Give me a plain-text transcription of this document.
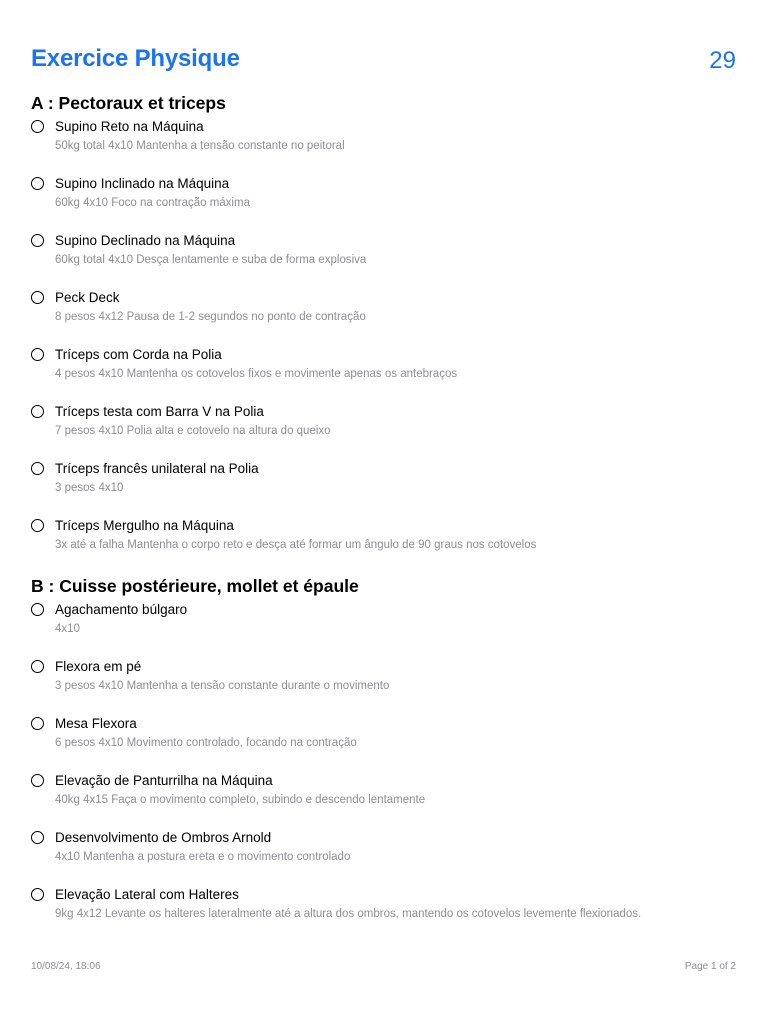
Exercice Physique	29
A : Pectoraux et triceps
Supino Reto na Máquina
50kg total 4x10 Mantenha a tensão constante no peitoral
Supino Inclinado na Máquina
60kg 4x10 Foco na contração máxima
Supino Declinado na Máquina
60kg total 4x10 Desça lentamente e suba de forma explosiva
Peck Deck
8 pesos 4x12 Pausa de 1-2 segundos no ponto de contração
Tríceps com Corda na Polia
4 pesos 4x10 Mantenha os cotovelos fixos e movimente apenas os antebraços
Tríceps testa com Barra V na Polia
7 pesos 4x10 Polia alta e cotovelo na altura do queixo
Tríceps francês unilateral na Polia
3 pesos 4x10
Tríceps Mergulho na Máquina
3x até a falha Mantenha o corpo reto e desça até formar um ângulo de 90 graus nos cotovelos
B : Cuisse postérieure, mollet et épaule
Agachamento búlgaro
4x10
Flexora em pé
3 pesos 4x10 Mantenha a tensão constante durante o movimento
Mesa Flexora
6 pesos 4x10 Movimento controlado, focando na contração
Elevação de Panturrilha na Máquina
40kg 4x15 Faça o movimento completo, subindo e descendo lentamente
Desenvolvimento de Ombros Arnold
4x10 Mantenha a postura ereta e o movimento controlado
Elevação Lateral com Halteres
9kg 4x12 Levante os halteres lateralmente até a altura dos ombros, mantendo os cotovelos levemente flexionados.
10/08/24, 18:06	Page 1 of 2
